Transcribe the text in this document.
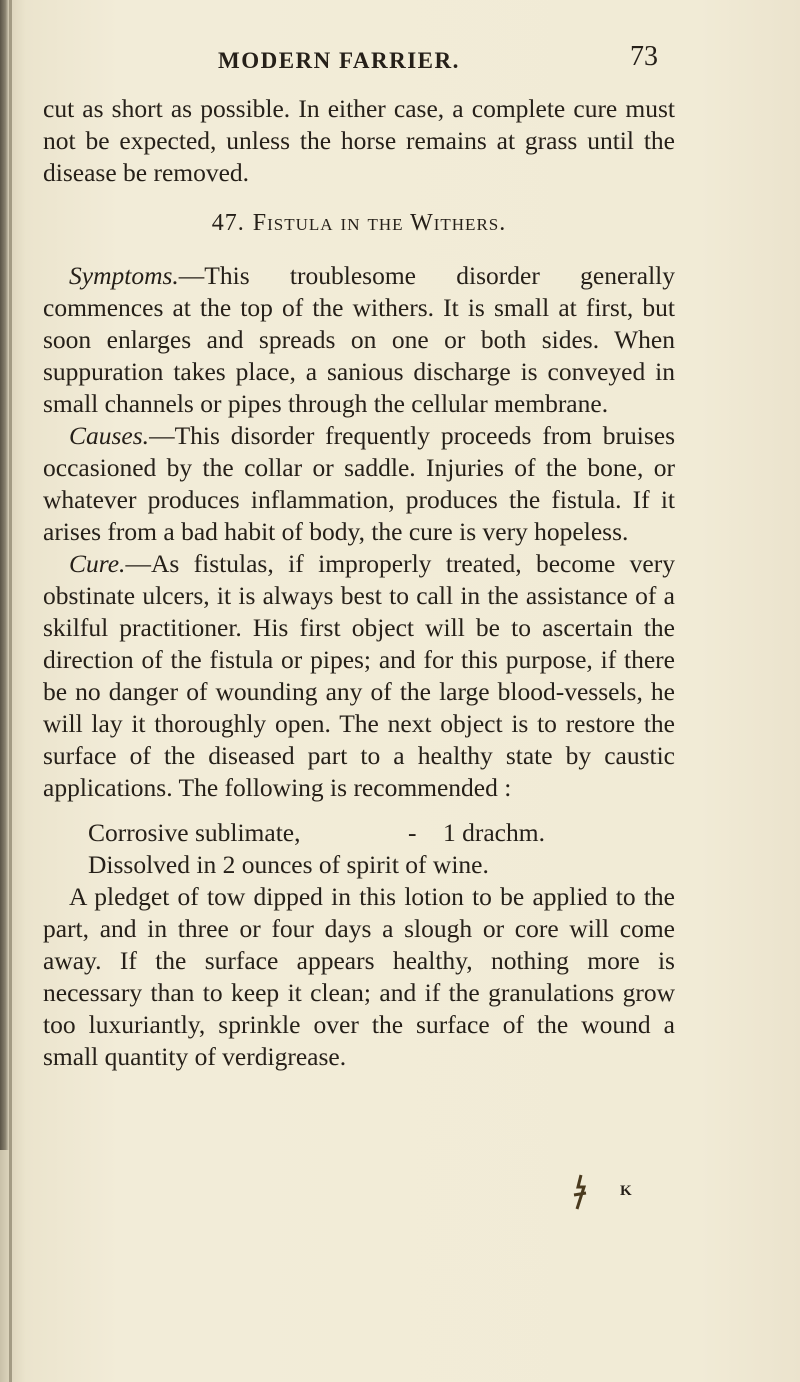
MODERN FARRIER.	73

cut as short as possible. In either case, a complete cure must not be expected, unless the horse remains at grass until the disease be removed.

47. Fistula in the Withers.

Symptoms.—This troublesome disorder generally commences at the top of the withers. It is small at first, but soon enlarges and spreads on one or both sides. When suppuration takes place, a sanious discharge is conveyed in small channels or pipes through the cellular membrane.

Causes.—This disorder frequently proceeds from bruises occasioned by the collar or saddle. Injuries of the bone, or whatever produces inflammation, produces the fistula. If it arises from a bad habit of body, the cure is very hopeless.

Cure.—As fistulas, if improperly treated, become very obstinate ulcers, it is always best to call in the assistance of a skilful practitioner. His first object will be to ascertain the direction of the fistula or pipes; and for this purpose, if there be no danger of wounding any of the large blood-vessels, he will lay it thoroughly open. The next object is to restore the surface of the diseased part to a healthy state by caustic applications. The following is recommended :

Corrosive sublimate,	-	1 drachm.
Dissolved in 2 ounces of spirit of wine.

A pledget of tow dipped in this lotion to be applied to the part, and in three or four days a slough or core will come away. If the surface appears healthy, nothing more is necessary than to keep it clean; and if the granulations grow too luxuriantly, sprinkle over the surface of the wound a small quantity of verdigrease.

K
